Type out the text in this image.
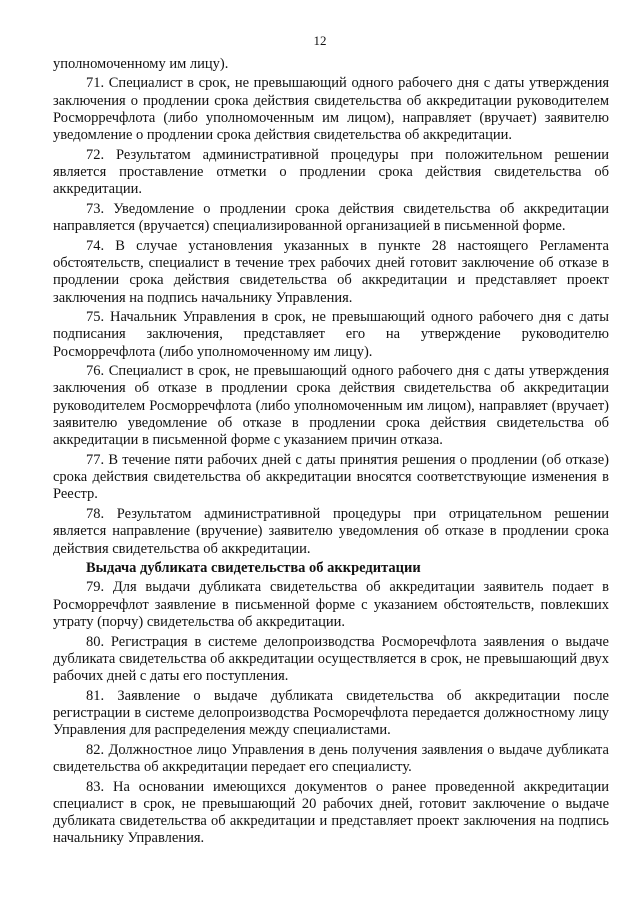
12

уполномоченному им лицу).

71. Специалист в срок, не превышающий одного рабочего дня с даты утверждения заключения о продлении срока действия свидетельства об аккредитации руководителем Росморречфлота (либо уполномоченным им лицом), направляет (вручает) заявителю уведомление о продлении срока действия свидетельства об аккредитации.

72. Результатом административной процедуры при положительном решении является проставление отметки о продлении срока действия свидетельства об аккредитации.

73. Уведомление о продлении срока действия свидетельства об аккредитации направляется (вручается) специализированной организацией в письменной форме.

74. В случае установления указанных в пункте 28 настоящего Регламента обстоятельств, специалист в течение трех рабочих дней готовит заключение об отказе в продлении срока действия свидетельства об аккредитации и представляет проект заключения на подпись начальнику Управления.

75. Начальник Управления в срок, не превышающий одного рабочего дня с даты подписания заключения, представляет его на утверждение руководителю Росморречфлота (либо уполномоченному им лицу).

76. Специалист в срок, не превышающий одного рабочего дня с даты утверждения заключения об отказе в продлении срока действия свидетельства об аккредитации руководителем Росморречфлота (либо уполномоченным им лицом), направляет (вручает) заявителю уведомление об отказе в продлении срока действия свидетельства об аккредитации в письменной форме с указанием причин отказа.

77. В течение пяти рабочих дней с даты принятия решения о продлении (об отказе) срока действия свидетельства об аккредитации вносятся соответствующие изменения в Реестр.

78. Результатом административной процедуры при отрицательном решении является направление (вручение) заявителю уведомления об отказе в продлении срока действия свидетельства об аккредитации.

Выдача дубликата свидетельства об аккредитации

79. Для выдачи дубликата свидетельства об аккредитации заявитель подает в Росморречфлот заявление в письменной форме с указанием обстоятельств, повлекших утрату (порчу) свидетельства об аккредитации.

80. Регистрация в системе делопроизводства Росморечфлота заявления о выдаче дубликата свидетельства об аккредитации осуществляется в срок, не превышающий двух рабочих дней с даты его поступления.

81. Заявление о выдаче дубликата свидетельства об аккредитации после регистрации в системе делопроизводства Росморечфлота передается должностному лицу Управления для распределения между специалистами.

82. Должностное лицо Управления в день получения заявления о выдаче дубликата свидетельства об аккредитации передает его специалисту.

83. На основании имеющихся документов о ранее проведенной аккредитации специалист в срок, не превышающий 20 рабочих дней, готовит заключение о выдаче дубликата свидетельства об аккредитации и представляет проект заключения на подпись начальнику Управления.
